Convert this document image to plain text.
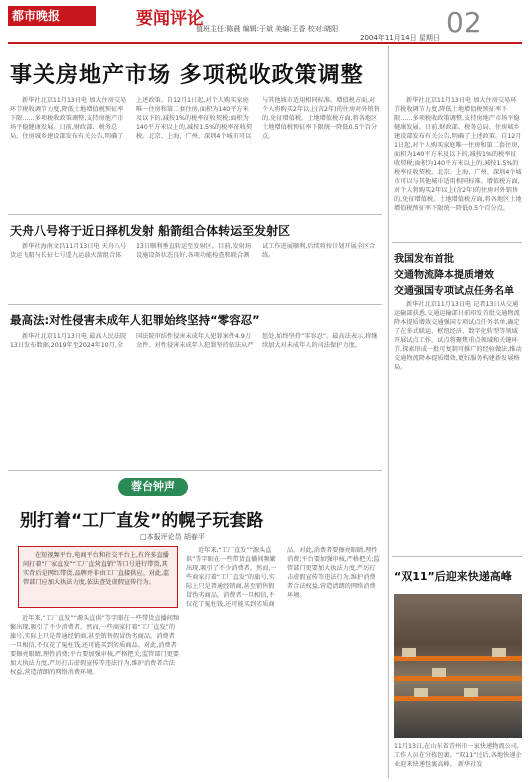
都市晚报	要闻评论	02
值班主任:陈晨 编辑:于斌 美编:王香 校对:晓阳
2004年11月14日 星期日
事关房地产市场 多项税收政策调整
新华社北京11月13日电 加大住房交易环节税收调节力度,降低土地增值税预征率下限……多项税收政策调整,支持房地产市场平稳健康发展。日前,财政部、税务总局、住房城乡建设部发布有关公告,明确了上述政策。自12月1日起,对个人购买家庭唯一住房和第二套住房,面积为140平方米及以下的,减按1%的税率征收契税;面积为140平方米以上的,减按1.5%的税率征收契税。北京、上海、广州、深圳4个城市可以与其他城市适用相同标准。增值税方面,对个人将购买2年以上(含2年)的住房对外销售的,免征增值税。土地增值税方面,将各地区土地增值税预征率下限统一降低0.5个百分点。
天舟八号将于近日择机发射 船箭组合体转运至发射区
新华社海南文昌11月13日电 天舟八号货运飞船与长征七号遥九运载火箭组合体13日顺利垂直转运至发射区。目前,发射场设施设备状态良好,各项功能检查和联合测试工作进展顺利,后续将按计划开展全区合练。
最高法:对性侵害未成年人犯罪始终坚持“零容忍”
新华社北京11月13日电 最高人民法院13日发布数据,2019年至2024年10月,全国法院审结性侵害未成年人犯罪案件4.9万余件。对性侵害未成年人犯罪坚持依法从严惩处,始终坚持“零容忍”。最高法表示,将继续加大对未成年人的司法保护力度。
蓉台钟声
别打着“工厂直发”的幌子玩套路
□本报评论员 胡春平
在短视频平台,电商平台和社交平台上,有许多直播间打着“厂家直发”“工厂直营直销”等口号进行带货,其实背后是网红带货,品牌并非由工厂直接供应。对此,监管部门应加大执法力度,依法查处虚假宣传行为。
近年来,“工厂直发”“源头直供”等字眼在一些带货直播间频繁出现,吸引了不少消费者。然而,一些商家打着“工厂直发”的旗号,实际上只是普通经销商,甚至销售假冒伪劣商品。消费者一旦相信,不仅花了冤枉钱,还可能买到劣质商品。对此,消费者要擦亮眼睛,理性消费;平台要加强审核,严格把关;监管部门更要加大执法力度,严厉打击虚假宣传等违法行为,维护消费者合法权益,营造清朗的网络消费环境。
近年来,“工厂直发”“源头直供”等字眼在一些带货直播间频繁出现,吸引了不少消费者。然而,一些商家打着“工厂直发”的旗号,实际上只是普通经销商,甚至销售假冒伪劣商品。消费者一旦相信,不仅花了冤枉钱,还可能买到劣质商品。对此,消费者要擦亮眼睛,理性消费;平台要加强审核,严格把关;监管部门更要加大执法力度,严厉打击虚假宣传等违法行为,维护消费者合法权益,营造清朗的网络消费环境。
新华社北京11月13日电 加大住房交易环节税收调节力度,降低土地增值税预征率下限……多项税收政策调整,支持房地产市场平稳健康发展。日前,财政部、税务总局、住房城乡建设部发布有关公告,明确了上述政策。自12月1日起,对个人购买家庭唯一住房和第二套住房,面积为140平方米及以下的,减按1%的税率征收契税;面积为140平方米以上的,减按1.5%的税率征收契税。北京、上海、广州、深圳4个城市可以与其他城市适用相同标准。增值税方面,对个人将购买2年以上(含2年)的住房对外销售的,免征增值税。土地增值税方面,将各地区土地增值税预征率下限统一降低0.5个百分点。
我国发布首批
交通物流降本提质增效
交通强国专项试点任务名单
新华社北京11月13日电 记者13日从交通运输部获悉,交通运输部日前印发首批交通物流降本提质增效交通强国专项试点任务名单,确定了在多式联运、枢纽经济、数字化转型等领域开展试点工作。试点将聚焦重点领域和关键环节,探索形成一批可复制可推广的经验做法,推动交通物流降本提质增效,更好服务构建新发展格局。
“双11”后迎来快递高峰
11月13日,在山东省青州市一家快递物流公司,工作人员在分拣包裹。“双11”过后,各地快递企业迎来快递包裹高峰。 新华社发
